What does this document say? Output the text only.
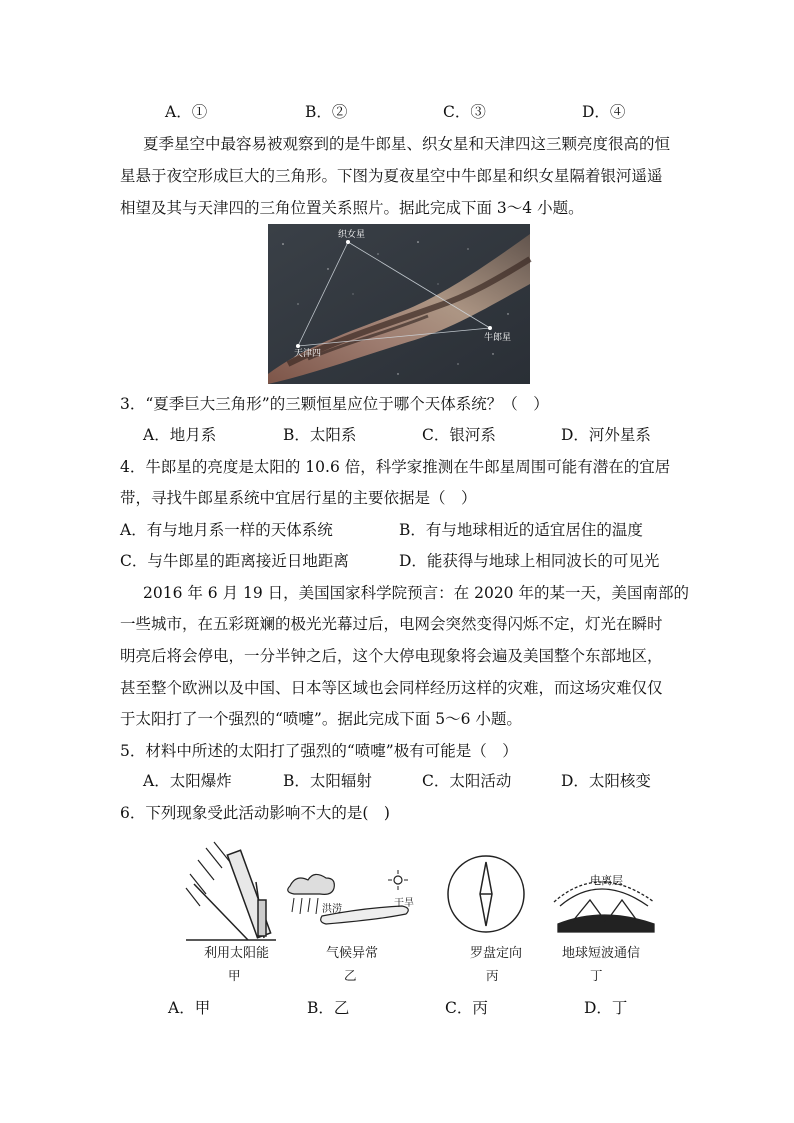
A．①	B．②	C．③	D．④
夏季星空中最容易被观察到的是牛郎星、织女星和天津四这三颗亮度很高的恒
星悬于夜空形成巨大的三角形。下图为夏夜星空中牛郎星和织女星隔着银河遥遥
相望及其与天津四的三角位置关系照片。据此完成下面 3～4 小题。
织女星
牛郎星
天津四
3．“夏季巨大三角形”的三颗恒星应位于哪个天体系统？（　）
A．地月系	B．太阳系	C．银河系	D．河外星系
4．牛郎星的亮度是太阳的 10.6 倍，科学家推测在牛郎星周围可能有潜在的宜居
带，寻找牛郎星系统中宜居行星的主要依据是（　）
A．有与地月系一样的天体系统	B．有与地球相近的适宜居住的温度
C．与牛郎星的距离接近日地距离	D．能获得与地球上相同波长的可见光
2016 年 6 月 19 日，美国国家科学院预言：在 2020 年的某一天，美国南部的
一些城市，在五彩斑斓的极光光幕过后，电网会突然变得闪烁不定，灯光在瞬时
明亮后将会停电，一分半钟之后，这个大停电现象将会遍及美国整个东部地区，
甚至整个欧洲以及中国、日本等区域也会同样经历这样的灾难，而这场灾难仅仅
于太阳打了一个强烈的“喷嚏”。据此完成下面 5～6 小题。
5．材料中所述的太阳打了强烈的“喷嚏”极有可能是（　）
A．太阳爆炸	B．太阳辐射	C．太阳活动	D．太阳核变
6．下列现象受此活动影响不大的是(　)
洪涝
干旱
电离层
利用太阳能	气候异常	罗盘定向	地球短波通信
甲	乙	丙	丁
A．甲	B．乙	C．丙	D．丁
